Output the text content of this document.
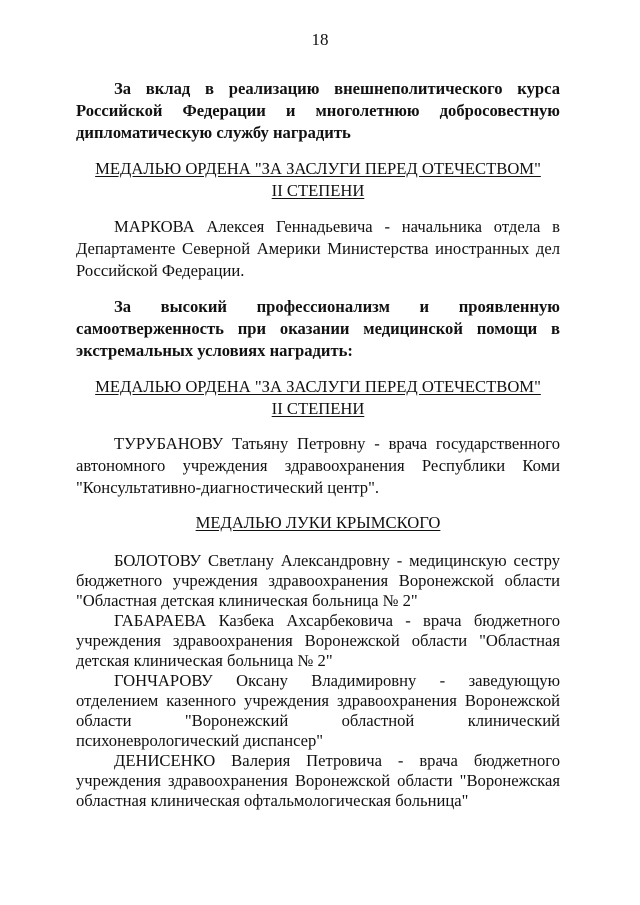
18
За вклад в реализацию внешнеполитического курса Российской Федерации и многолетнюю добросовестную дипломатическую службу наградить
МЕДАЛЬЮ ОРДЕНА "ЗА ЗАСЛУГИ ПЕРЕД ОТЕЧЕСТВОМ"
II СТЕПЕНИ
МАРКОВА Алексея Геннадьевича - начальника отдела в Департаменте Северной Америки Министерства иностранных дел Российской Федерации.
За высокий профессионализм и проявленную самоотверженность при оказании медицинской помощи в экстремальных условиях наградить:
МЕДАЛЬЮ ОРДЕНА "ЗА ЗАСЛУГИ ПЕРЕД ОТЕЧЕСТВОМ"
II СТЕПЕНИ
ТУРУБАНОВУ Татьяну Петровну - врача государственного автономного учреждения здравоохранения Республики Коми "Консультативно-диагностический центр".
МЕДАЛЬЮ ЛУКИ КРЫМСКОГО
БОЛОТОВУ Светлану Александровну - медицинскую сестру бюджетного учреждения здравоохранения Воронежской области "Областная детская клиническая больница № 2"
ГАБАРАЕВА Казбека Ахсарбековича - врача бюджетного учреждения здравоохранения Воронежской области "Областная детская клиническая больница № 2"
ГОНЧАРОВУ Оксану Владимировну - заведующую отделением казенного учреждения здравоохранения Воронежской области "Воронежский областной клинический психоневрологический диспансер"
ДЕНИСЕНКО Валерия Петровича - врача бюджетного учреждения здравоохранения Воронежской области "Воронежская областная клиническая офтальмологическая больница"
